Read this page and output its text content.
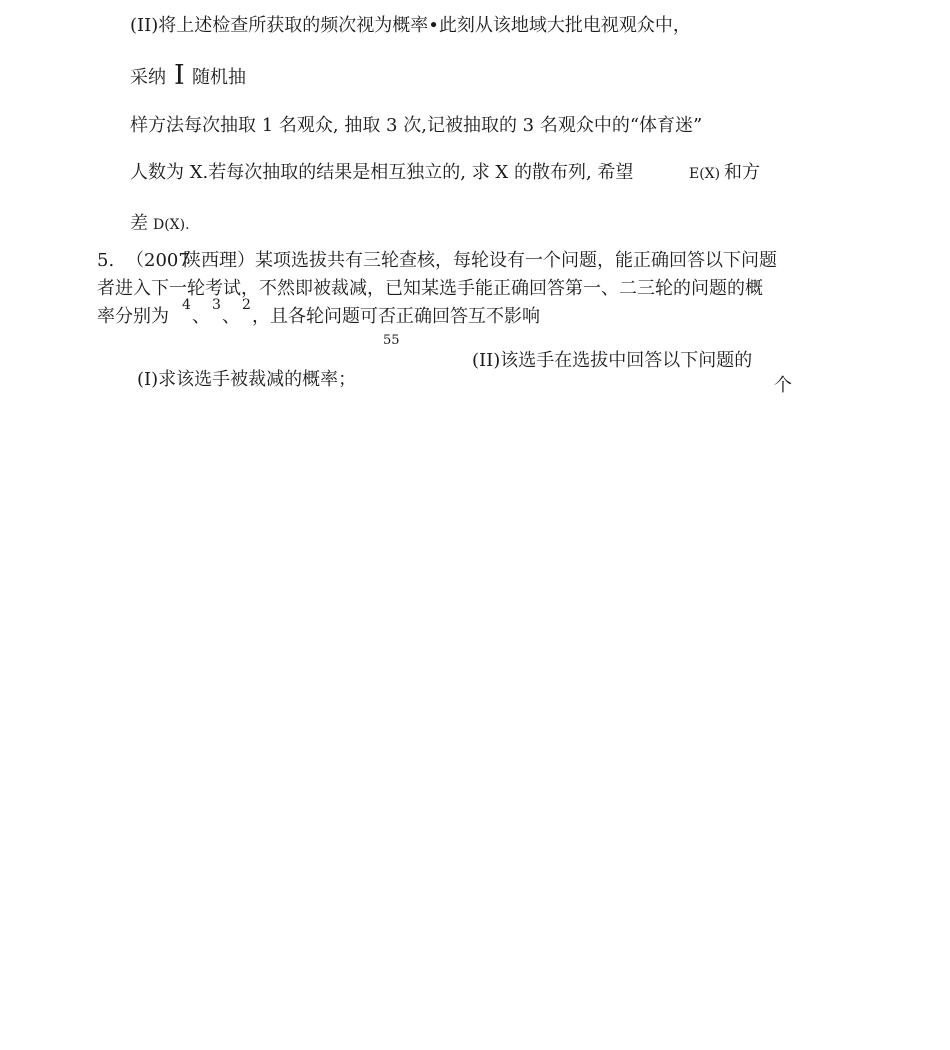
(II)将上述检查所获取的频次视为概率•此刻从该地域大批电视观众中，
采纳 I 随机抽
样方法每次抽取 1 名观众, 抽取 3 次,记被抽取的 3 名观众中的“体育迷”
人数为 X.若每次抽取的结果是相互独立的, 求 X 的散布列, 希望	E(X) 和方
差 D(X).
5. （2007
陕西理）某项选拔共有三轮查核，每轮设有一个问题，能正确回答以下问题
者进入下一轮考试，不然即被裁减，已知某选手能正确回答第一、二三轮的问题的概
率分别为
4
、
3
、
2
，且各轮问题可否正确回答互不影响
55
(II)该选手在选拔中回答以下问题的
(I)求该选手被裁减的概率；	个
